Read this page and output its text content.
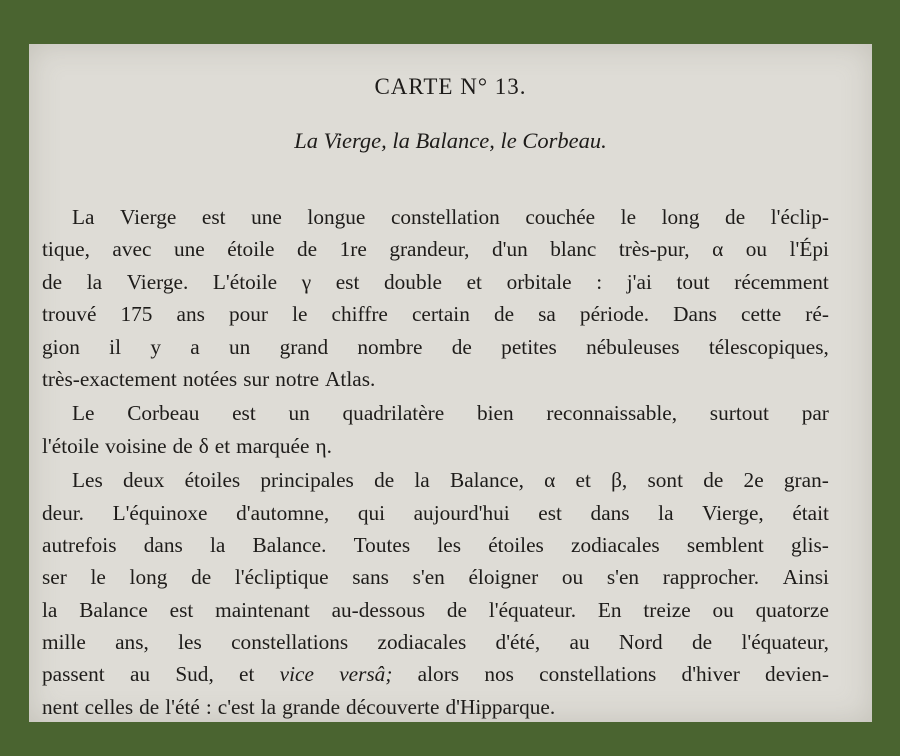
CARTE N° 13.
La Vierge, la Balance, le Corbeau.
La Vierge est une longue constellation couchée le long de l'éclip-
tique, avec une étoile de 1re grandeur, d'un blanc très-pur, α ou l'Épi
de la Vierge. L'étoile γ est double et orbitale : j'ai tout récemment
trouvé 175 ans pour le chiffre certain de sa période. Dans cette ré-
gion il y a un grand nombre de petites nébuleuses télescopiques,
très-exactement notées sur notre Atlas.
Le Corbeau est un quadrilatère bien reconnaissable, surtout par
l'étoile voisine de δ et marquée η.
Les deux étoiles principales de la Balance, α et β, sont de 2e gran-
deur. L'équinoxe d'automne, qui aujourd'hui est dans la Vierge, était
autrefois dans la Balance. Toutes les étoiles zodiacales semblent glis-
ser le long de l'écliptique sans s'en éloigner ou s'en rapprocher. Ainsi
la Balance est maintenant au-dessous de l'équateur. En treize ou quatorze
mille ans, les constellations zodiacales d'été, au Nord de l'équateur,
passent au Sud, et vice versâ; alors nos constellations d'hiver devien-
nent celles de l'été : c'est la grande découverte d'Hipparque.
